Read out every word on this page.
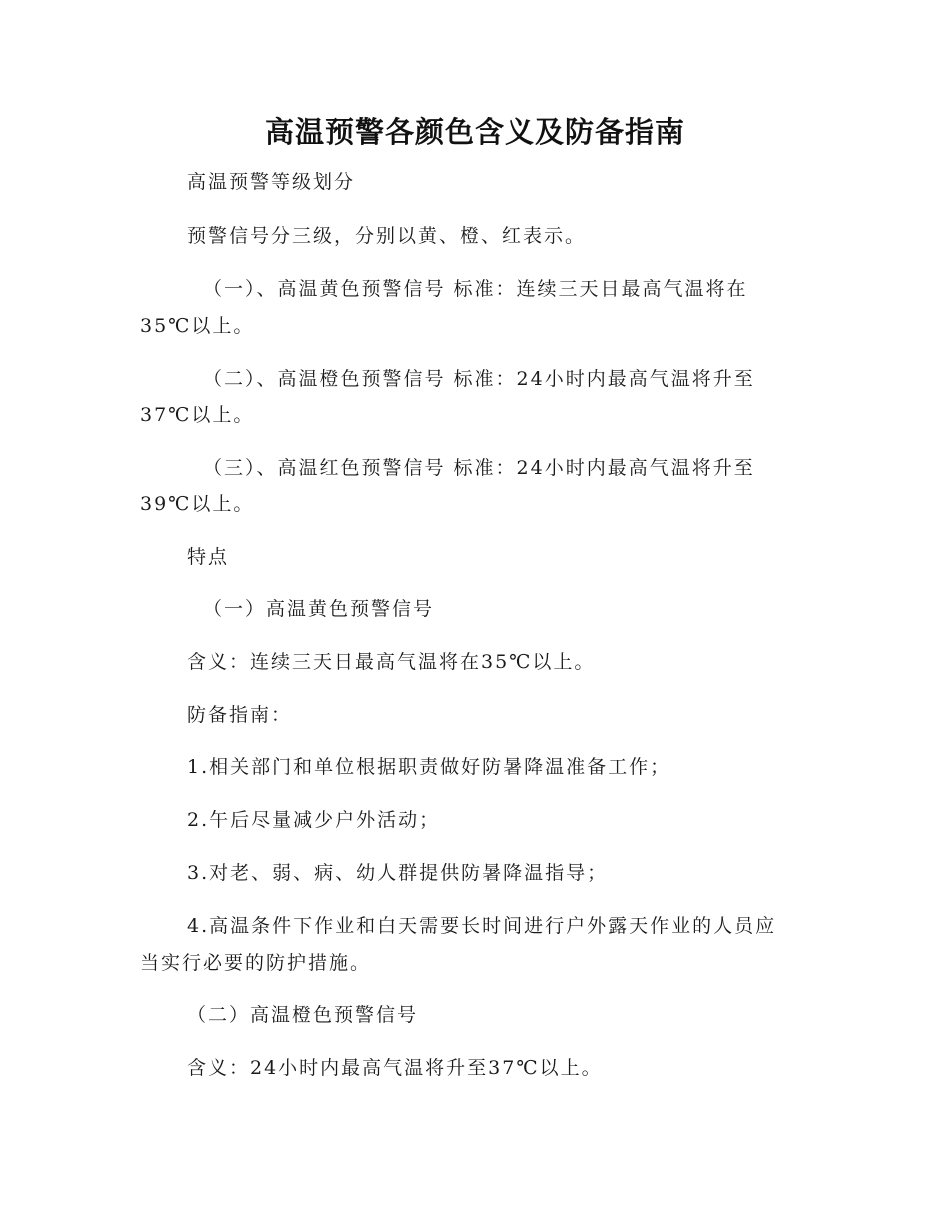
高温预警各颜色含义及防备指南
高温预警等级划分
预警信号分三级，分别以黄、橙、红表示。
（一）、高温黄色预警信号 标准：连续三天日最高气温将在
35℃以上。
（二）、高温橙色预警信号 标准：24小时内最高气温将升至
37℃以上。
（三）、高温红色预警信号 标准：24小时内最高气温将升至
39℃以上。
特点
（一）高温黄色预警信号
含义：连续三天日最高气温将在35℃以上。
防备指南：
1.相关部门和单位根据职责做好防暑降温准备工作；
2.午后尽量减少户外活动；
3.对老、弱、病、幼人群提供防暑降温指导；
4.高温条件下作业和白天需要长时间进行户外露天作业的人员应
当实行必要的防护措施。
（二）高温橙色预警信号
含义：24小时内最高气温将升至37℃以上。
